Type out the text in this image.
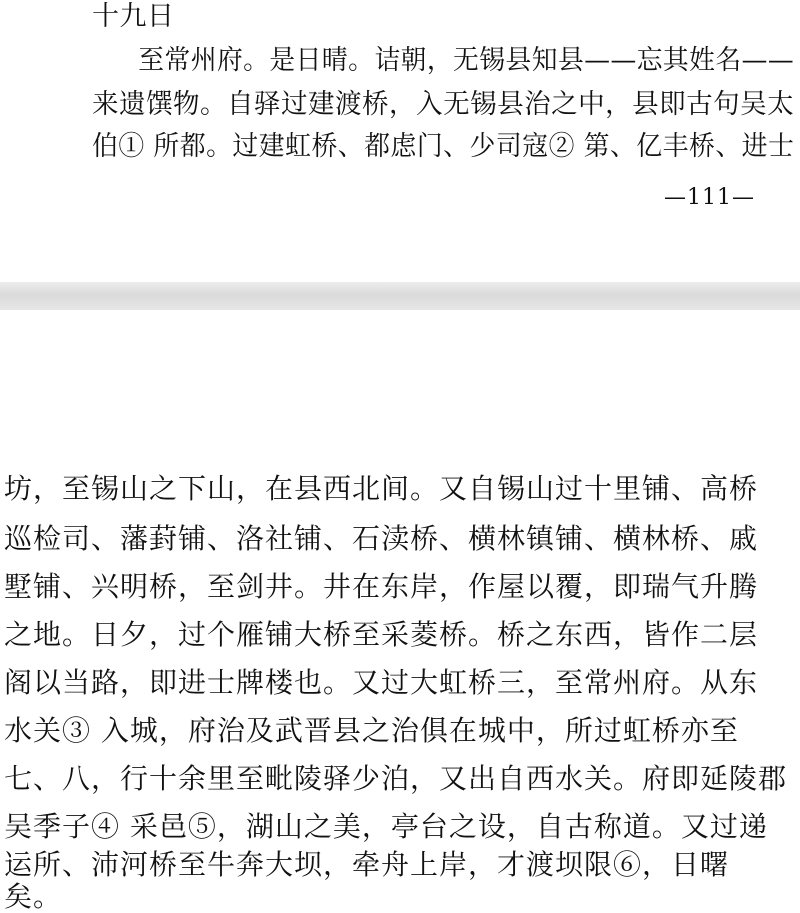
十九日
　至常州府。是日晴。诘朝，无锡县知县——忘其姓名——
来遗馔物。自驿过建渡桥，入无锡县治之中，县即古句吴太
伯① 所都。过建虹桥、都虑门、少司寇② 第、亿丰桥、进士
—111—
坊，至锡山之下山，在县西北间。又自锡山过十里铺、高桥
巡检司、藩葑铺、洛社铺、石渎桥、横林镇铺、横林桥、戚
墅铺、兴明桥，至剑井。井在东岸，作屋以覆，即瑞气升腾
之地。日夕，过个雁铺大桥至采菱桥。桥之东西，皆作二层
阁以当路，即进士牌楼也。又过大虹桥三，至常州府。从东
水关③ 入城，府治及武晋县之治俱在城中，所过虹桥亦至
七、八，行十余里至毗陵驿少泊，又出自西水关。府即延陵郡
吴季子④ 采邑⑤，湖山之美，亭台之设，自古称道。又过递
运所、沛河桥至牛奔大坝，牵舟上岸，才渡坝限⑥，日曙
矣。
